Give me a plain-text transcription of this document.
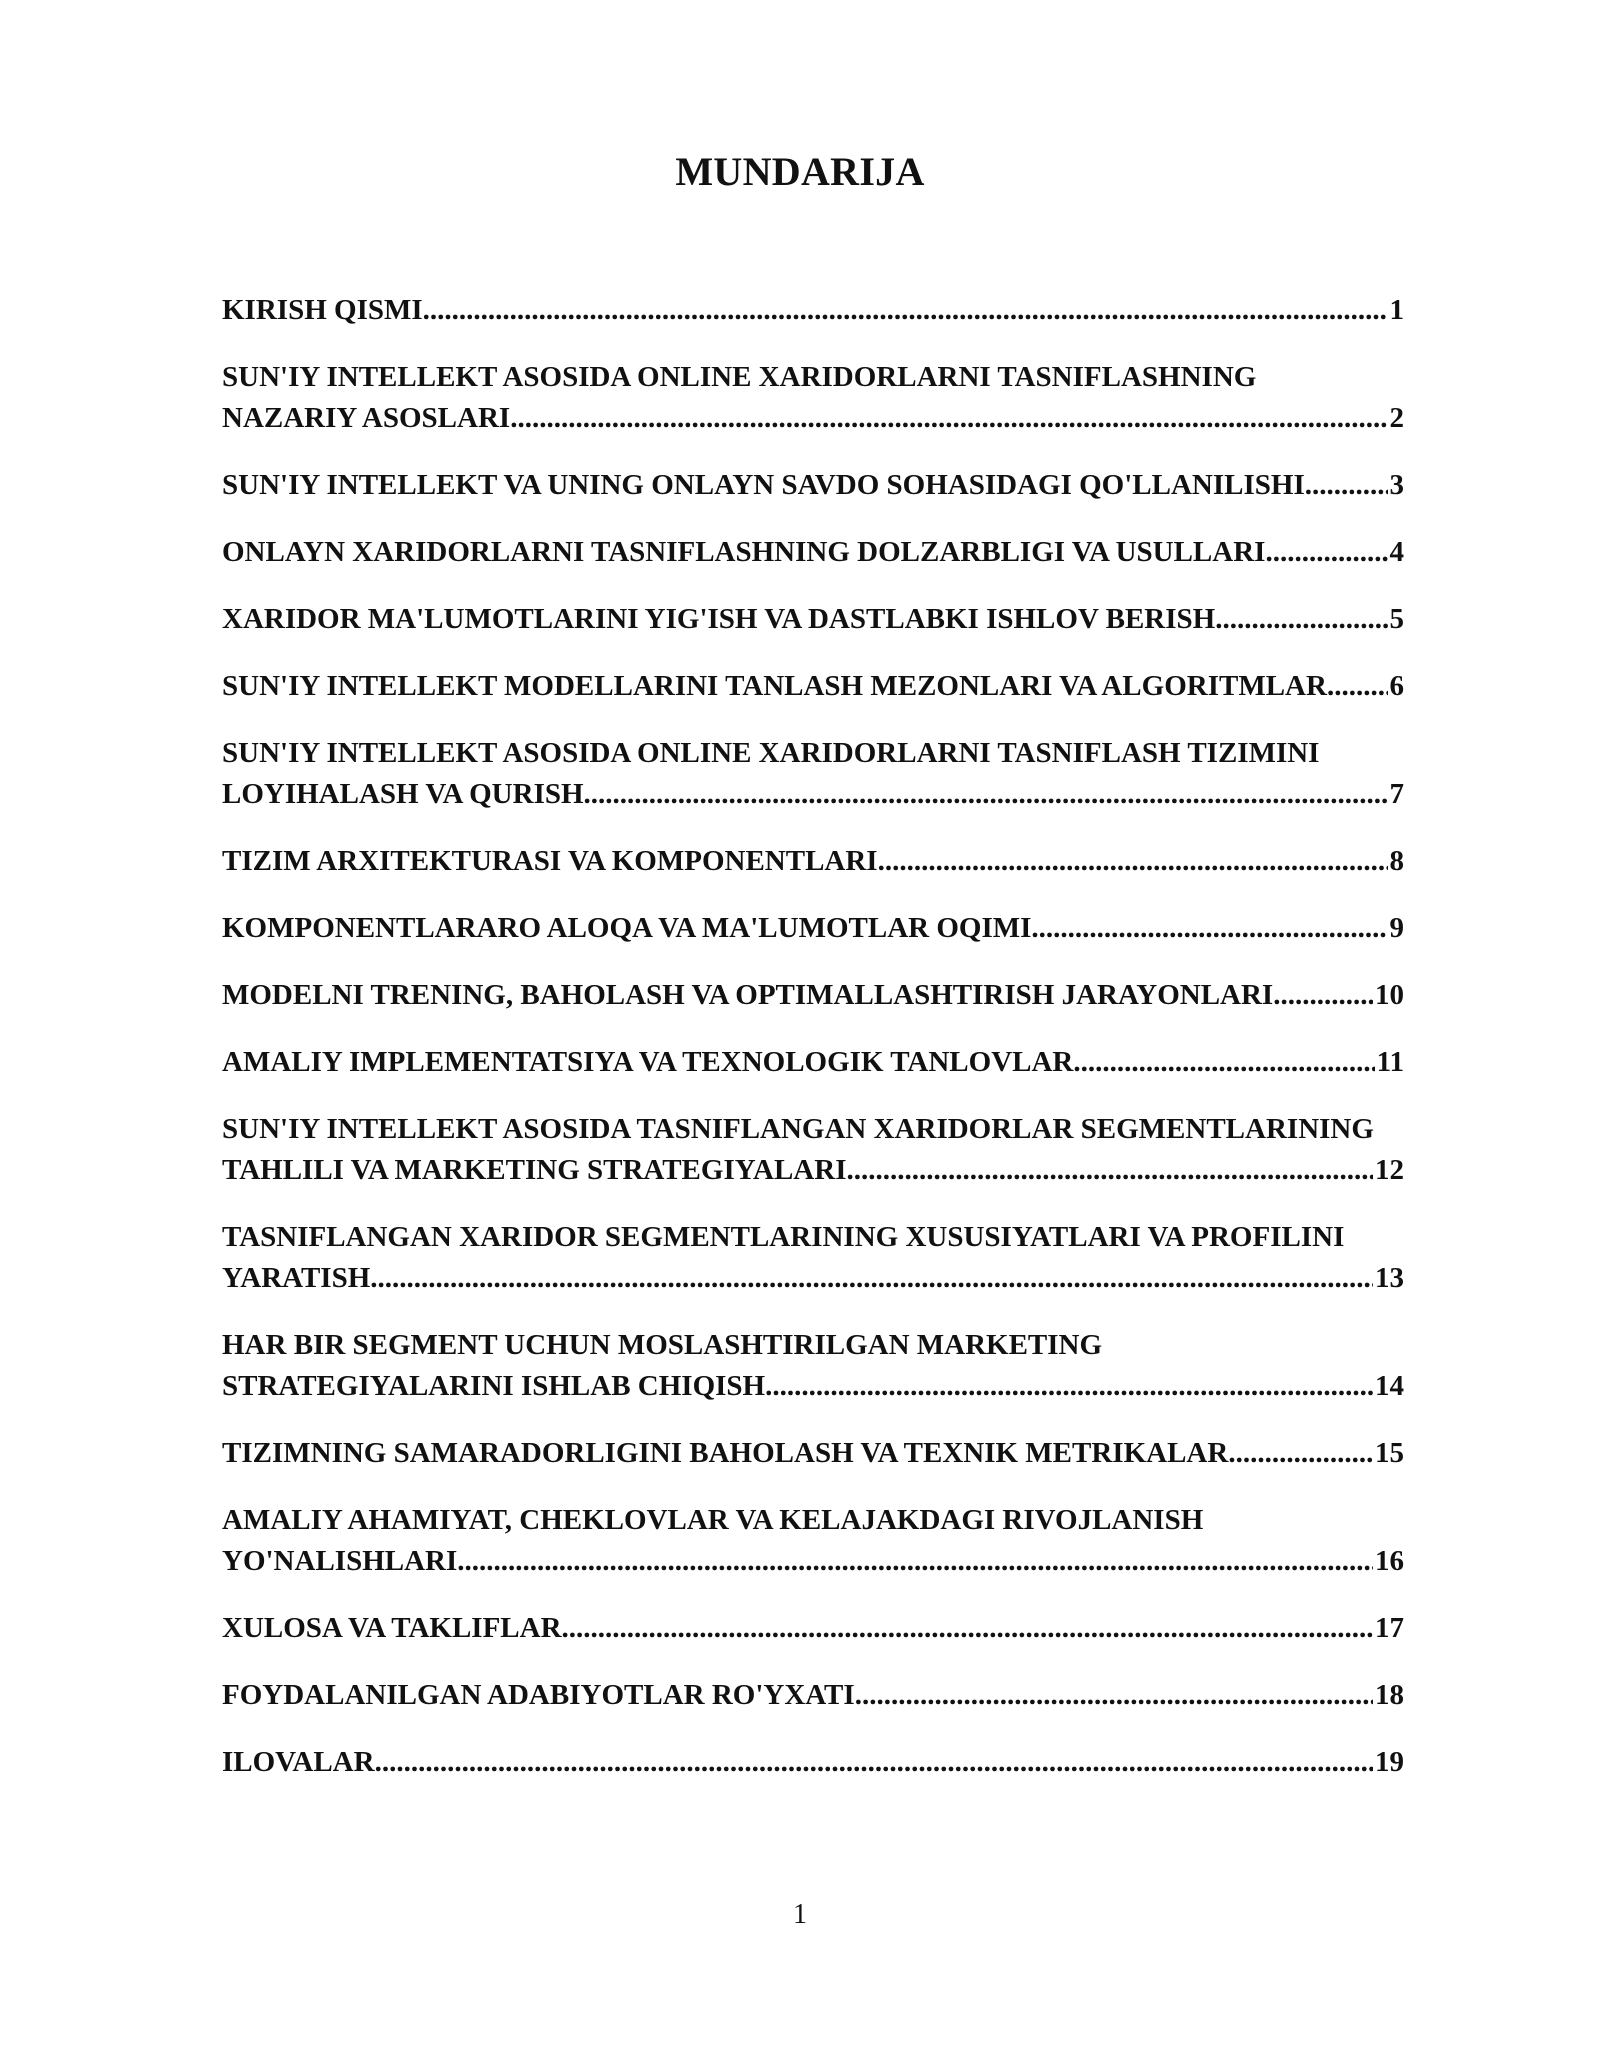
MUNDARIJA
KIRISH QISMI .....	1
SUN'IY INTELLEKT ASOSIDA ONLINE XARIDORLARNI TASNIFLASHNING
NAZARIY ASOSLARI .....	2
SUN'IY INTELLEKT VA UNING ONLAYN SAVDO SOHASIDAGI QO'LLANILISHI. .....	3
ONLAYN XARIDORLARNI TASNIFLASHNING DOLZARBLIGI VA USULLARI .....	4
XARIDOR MA'LUMOTLARINI YIG'ISH VA DASTLABKI ISHLOV BERISH .....	5
SUN'IY INTELLEKT MODELLARINI TANLASH MEZONLARI VA ALGORITMLAR ..... 6
SUN'IY INTELLEKT ASOSIDA ONLINE XARIDORLARNI TASNIFLASH TIZIMINI
LOYIHALASH VA QURISH .....	7
TIZIM ARXITEKTURASI VA KOMPONENTLARI .....	8
KOMPONENTLARARO ALOQA VA MA'LUMOTLAR OQIMI .....	9
MODELNI TRENING, BAHOLASH VA OPTIMALLASHTIRISH JARAYONLARI .....	10
AMALIY IMPLEMENTATSIYA VA TEXNOLOGIK TANLOVLAR .....	11
SUN'IY INTELLEKT ASOSIDA TASNIFLANGAN XARIDORLAR SEGMENTLARINING
TAHLILI VA MARKETING STRATEGIYALARI .....	12
TASNIFLANGAN XARIDOR SEGMENTLARINING XUSUSIYATLARI VA PROFILINI
YARATISH .....	13
HAR BIR SEGMENT UCHUN MOSLASHTIRILGAN MARKETING
STRATEGIYALARINI ISHLAB CHIQISH .....	14
TIZIMNING SAMARADORLIGINI BAHOLASH VA TEXNIK METRIKALAR .....	15
AMALIY AHAMIYAT, CHEKLOVLAR VA KELAJAKDAGI RIVOJLANISH
YO'NALISHLARI .....	16
XULOSA VA TAKLIFLAR .....	17
FOYDALANILGAN ADABIYOTLAR RO'YXATI .....	18
ILOVALAR .....	19
1
